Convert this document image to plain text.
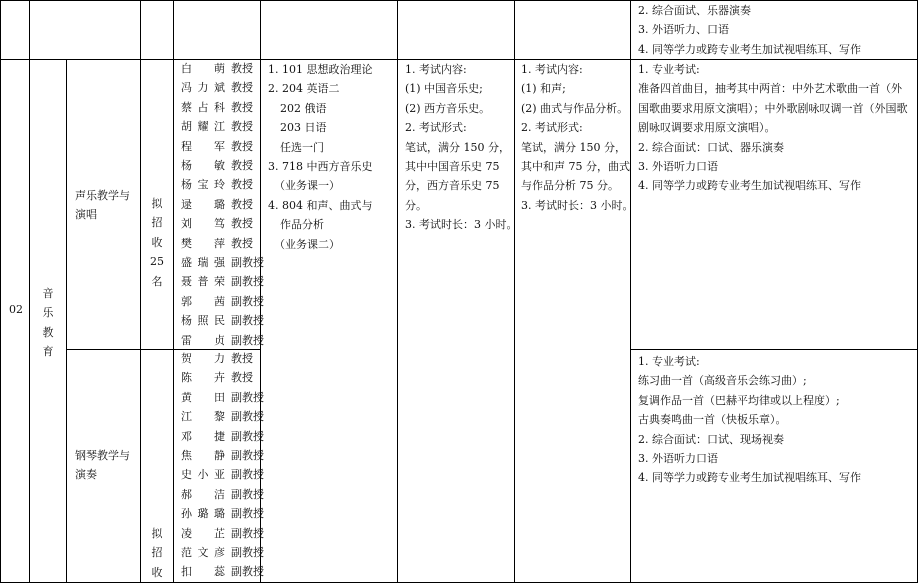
2. 综合面试、乐器演奏
3. 外语听力、口语
4. 同等学力或跨专业考生加试视唱练耳、写作
02
音乐教育
声乐教学与演唱
拟招收25名
白萌 教授
冯力斌 教授
蔡占科 教授
胡耀江 教授
程军 教授
杨敏 教授
杨宝玲 教授
逯璐 教授
刘笃 教授
樊萍 教授
盛瑞强 副教授
聂普荣 副教授
郭茜 副教授
杨照民 副教授
雷贞 副教授
1. 101 思想政治理论
2. 204 英语二
202 俄语
203 日语
任选一门
3. 718 中西方音乐史
（业务课一）
4. 804 和声、曲式与
作品分析
（业务课二）
1. 考试内容:
(1) 中国音乐史;
(2) 西方音乐史。
2. 考试形式:
笔试，满分 150 分，
其中中国音乐史 75
分，西方音乐史 75
分。
3. 考试时长：3 小时。
1. 考试内容:
(1) 和声;
(2) 曲式与作品分析。
2. 考试形式:
笔试，满分 150 分，
其中和声 75 分，曲式
与作品分析 75 分。
3. 考试时长：3 小时。
1. 专业考试:
准备四首曲目，抽考其中两首：中外艺术歌曲一首（外
国歌曲要求用原文演唱）；中外歌剧咏叹调一首（外国歌
剧咏叹调要求用原文演唱）。
2. 综合面试：口试、器乐演奏
3. 外语听力口语
4. 同等学力或跨专业考生加试视唱练耳、写作
钢琴教学与演奏
拟招收
贺力 教授
陈卉 教授
黄田 副教授
江黎 副教授
邓捷 副教授
焦静 副教授
史小亚 副教授
郝洁 副教授
孙璐璐 副教授
凌芷 副教授
范文彦 副教授
扣蕊 副教授
1. 专业考试:
练习曲一首（高级音乐会练习曲）;
复调作品一首（巴赫平均律或以上程度）;
古典奏鸣曲一首（快板乐章）。
2. 综合面试：口试、现场视奏
3. 外语听力口语
4. 同等学力或跨专业考生加试视唱练耳、写作
